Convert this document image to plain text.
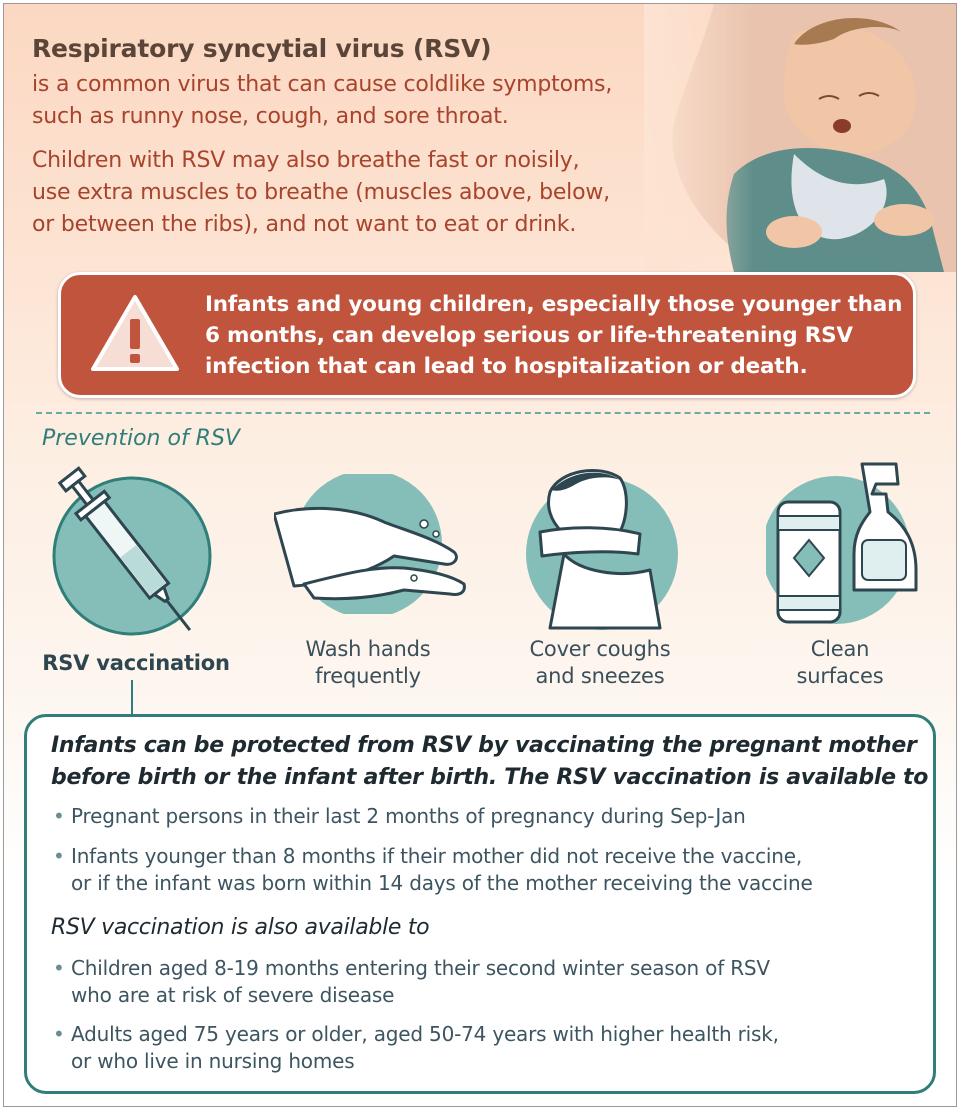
Respiratory syncytial virus (RSV)
is a common virus that can cause coldlike symptoms,
such as runny nose, cough, and sore throat.
Children with RSV may also breathe fast or noisily,
use extra muscles to breathe (muscles above, below,
or between the ribs), and not want to eat or drink.
Infants and young children, especially those younger than 6 months, can develop serious or life-threatening RSV infection that can lead to hospitalization or death.
Prevention of RSV
RSV vaccination
Wash hands
frequently
Cover coughs
and sneezes
Clean
surfaces
Infants can be protected from RSV by vaccinating the pregnant mother
before birth or the infant after birth. The RSV vaccination is available to
• Pregnant persons in their last 2 months of pregnancy during Sep-Jan
• Infants younger than 8 months if their mother did not receive the vaccine,
or if the infant was born within 14 days of the mother receiving the vaccine
RSV vaccination is also available to
• Children aged 8-19 months entering their second winter season of RSV
who are at risk of severe disease
• Adults aged 75 years or older, aged 50-74 years with higher health risk,
or who live in nursing homes
